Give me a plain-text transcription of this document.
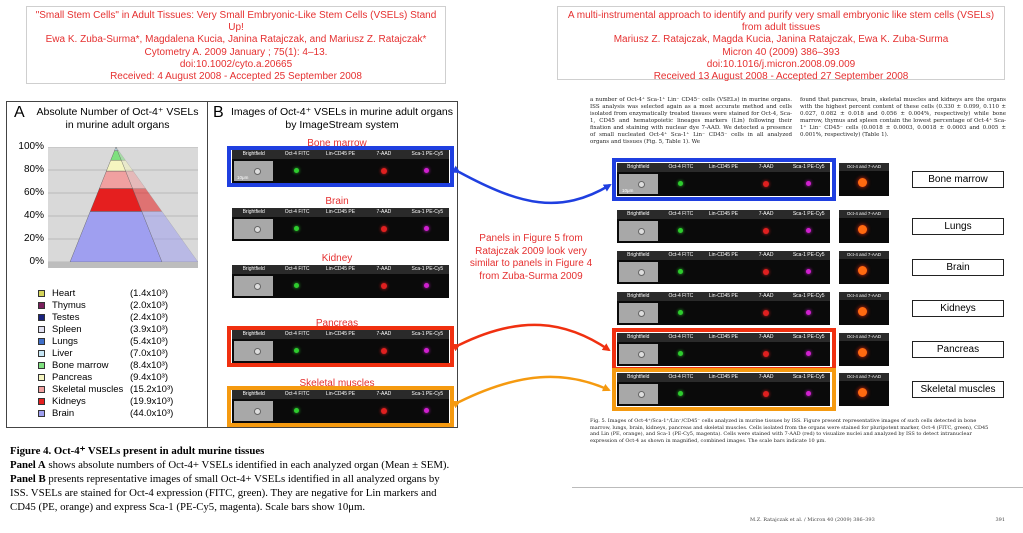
"Small Stem Cells" in Adult Tissues: Very Small Embryonic-Like Stem Cells (VSELs) Stand Up!
Ewa K. Zuba-Surma*, Magdalena Kucia, Janina Ratajczak, and Mariusz Z. Ratajczak*
Cytometry A. 2009 January ; 75(1): 4–13.
doi:10.1002/cyto.a.20665
Received: 4 August 2008 - Accepted 25 September 2008
A multi-instrumental approach to identify and purify very small embryonic like stem cells (VSELs)
from adult tissues
Mariusz Z. Ratajczak, Magda Kucia, Janina Ratajczak, Ewa K. Zuba-Surma
Micron 40 (2009) 386–393
doi:10.1016/j.micron.2008.09.009
Received 13 August 2008 - Accepted 27 September 2008
A	Absolute Number of Oct-4⁺ VSELs
in murine adult organs
100%
80%
60%
40%
20%
0%
Heart	(1.4x10³)
Thymus	(2.0x10³)
Testes	(2.4x10³)
Spleen	(3.9x10³)
Lungs	(5.4x10³)
Liver	(7.0x10³)
Bone marrow (8.4x10³)
Pancreas	(9.4x10³)
Skeletal muscles (15.2x10³)
Kidneys	(19.9x10³)
Brain	(44.0x10³)
B Images of Oct-4⁺ VSELs in murine adult organs
by ImageStream system
Bone marrow
Brightfield	Oct-4 FITC	Lin-CD45 PE	7-AAD	Sca-1 PE-Cy5
10μm
Brain
Brightfield	Oct-4 FITC	Lin-CD45 PE	7-AAD	Sca-1 PE-Cy5
Kidney
Brightfield	Oct-4 FITC	Lin-CD45 PE	7-AAD	Sca-1 PE-Cy5
Pancreas
Brightfield	Oct-4 FITC	Lin-CD45 PE	7-AAD	Sca-1 PE-Cy5
Skeletal muscles
Brightfield	Oct-4 FITC	Lin-CD45 PE	7-AAD	Sca-1 PE-Cy5
Figure 4. Oct-4⁺ VSELs present in adult murine tissues
Panel A shows absolute numbers of Oct-4+ VSELs identified in each analyzed organ (Mean ± SEM). Panel B presents representative images of small Oct-4+ VSELs identified in all analyzed organs by ISS. VSELs are stained for Oct-4 expression (FITC, green). They are negative for Lin markers and CD45 (PE, orange) and express Sca-1 (PE-Cy5, magenta). Scale bars show 10μm.
Panels in Figure 5 from Ratajczak 2009 look very similar to panels in Figure 4 from Zuba-Surma 2009
a number of Oct-4⁺ Sca-1⁺ Lin⁻ CD45⁻ cells (VSELs) in murine organs. ISS analysis was selected again as a most accurate method and cells isolated from enzymatically treated tissues were stained for Oct-4, Sca-1, CD45 and hematopoietic lineages markers (Lin) following their fixation and staining with nuclear dye 7-AAD. We detected a presence of small nucleated Oct-4⁺ Sca-1⁺ Lin⁻ CD45⁻ cells in all analyzed organs and tissues (Fig. 5, Table 1). We
found that pancreas, brain, skeletal muscles and kidneys are the organs with the highest percent content of these cells (0.330 ± 0.099, 0.110 ± 0.027, 0.082 ± 0.018 and 0.056 ± 0.004%, respectively) while bone marrow, thymus and spleen contain the lowest percentage of Oct-4⁺ Sca-1⁺ Lin⁻ CD45⁻ cells (0.0018 ± 0.0003, 0.0018 ± 0.0003 and 0.005 ± 0.001%, respectively) (Table 1).
Brightfield	Oct-4 FITC	Lin-CD45 PE	7-AAD	Sca-1 PE-Cy5
10μm
Oct-4 and 7-AAD
Bone marrow
Brightfield	Oct-4 FITC	Lin-CD45 PE	7-AAD	Sca-1 PE-Cy5	Oct-4 and 7-AAD
Lungs
Brightfield	Oct-4 FITC	Lin-CD45 PE	7-AAD	Sca-1 PE-Cy5	Oct-4 and 7-AAD
Brain
Brightfield	Oct-4 FITC	Lin-CD45 PE	7-AAD	Sca-1 PE-Cy5	Oct-4 and 7-AAD
Kidneys
Brightfield	Oct-4 FITC	Lin-CD45 PE	7-AAD	Sca-1 PE-Cy5	Oct-4 and 7-AAD
Pancreas
Brightfield	Oct-4 FITC	Lin-CD45 PE	7-AAD	Sca-1 PE-Cy5	Oct-4 and 7-AAD
Skeletal muscles
Fig. 5. Images of Oct-4⁺/Sca-1⁺/Lin⁻/CD45⁻ cells analyzed in murine tissues by ISS. Figure present representative images of such cells detected in bone marrow, lungs, brain, kidneys, pancreas and skeletal muscles. Cells isolated from the organs were stained for pluripotent marker, Oct-4 (FITC, green), CD45 and Lin (PE, orange), and Sca-1 (PE-Cy5, magenta). Cells were stained with 7-AAD (red) to visualize nuclei and analyzed by ISS to detect intranuclear expression of Oct-4 as shown in magnified, combined images. The scale bars indicate 10 μm.
M.Z. Ratajczak et al. / Micron 40 (2009) 386–393	391
